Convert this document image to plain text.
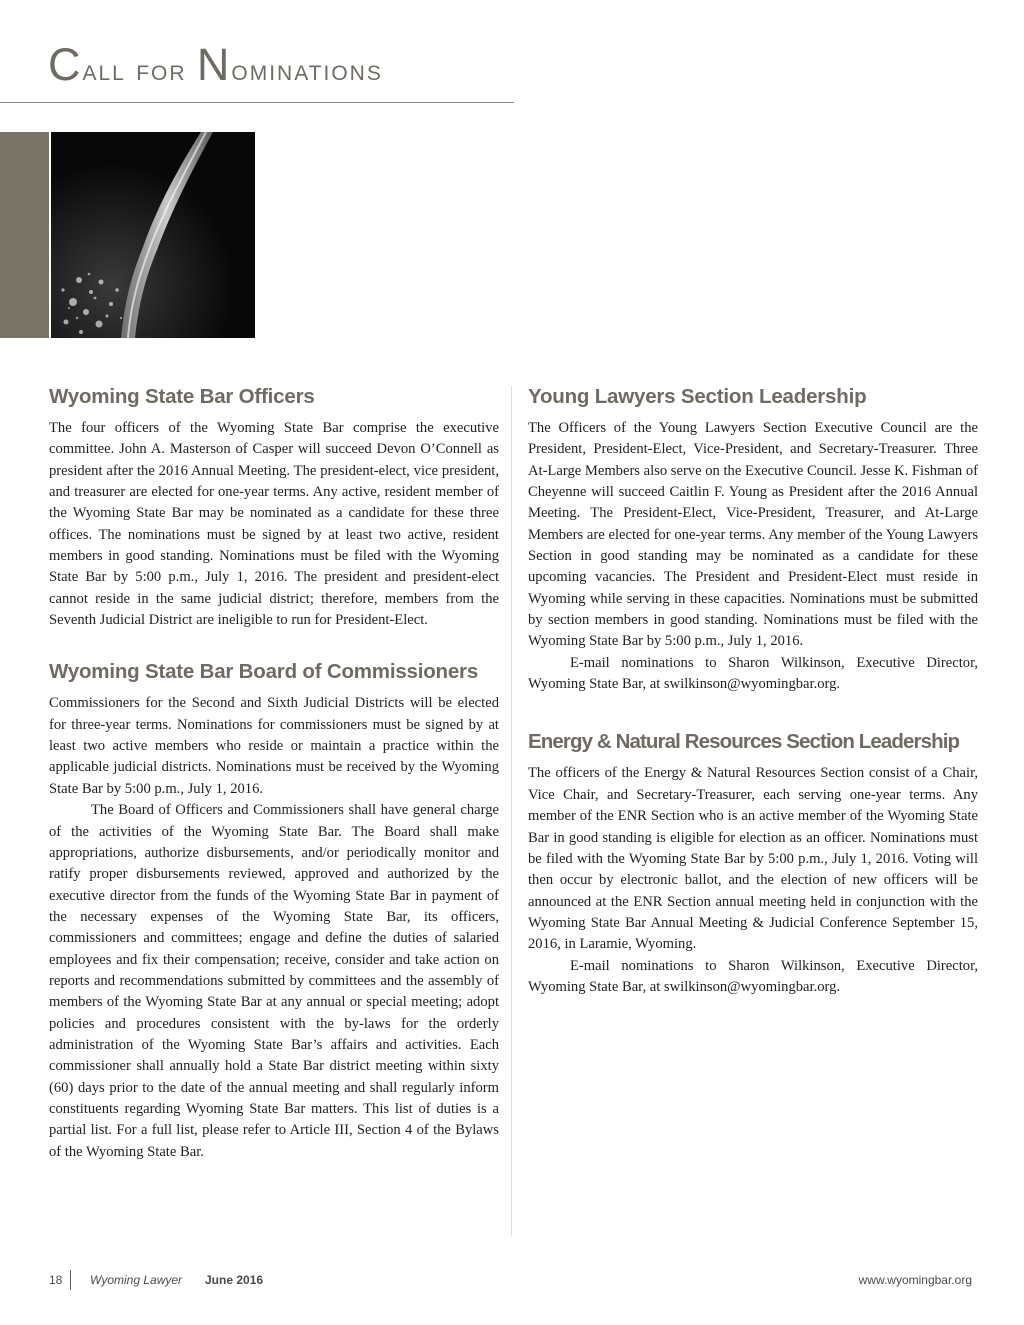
Call for Nominations
Wyoming State Bar Officers

The four officers of the Wyoming State Bar comprise the executive committee. John A. Masterson of Casper will succeed Devon O’Connell as president after the 2016 Annual Meeting. The president-elect, vice president, and treasurer are elected for one-year terms. Any active, resident member of the Wyoming State Bar may be nominated as a candidate for these three offices. The nominations must be signed by at least two active, resident members in good standing. Nominations must be filed with the Wyoming State Bar by 5:00 p.m., July 1, 2016. The president and president-elect cannot reside in the same judicial district; therefore, members from the Seventh Judicial District are ineligible to run for President-Elect.

Wyoming State Bar Board of Commissioners

Commissioners for the Second and Sixth Judicial Districts will be elected for three-year terms. Nominations for commissioners must be signed by at least two active members who reside or maintain a practice within the applicable judicial districts. Nominations must be received by the Wyoming State Bar by 5:00 p.m., July 1, 2016.

The Board of Officers and Commissioners shall have general charge of the activities of the Wyoming State Bar. The Board shall make appropriations, authorize disbursements, and/or periodically monitor and ratify proper disbursements reviewed, approved and authorized by the executive director from the funds of the Wyoming State Bar in payment of the necessary expenses of the Wyoming State Bar, its officers, commissioners and committees; engage and define the duties of salaried employees and fix their compensation; receive, consider and take action on reports and recommendations submitted by committees and the assembly of members of the Wyoming State Bar at any annual or special meeting; adopt policies and procedures consistent with the by-laws for the orderly administration of the Wyoming State Bar’s affairs and activities. Each commissioner shall annually hold a State Bar district meeting within sixty (60) days prior to the date of the annual meeting and shall regularly inform constituents regarding Wyoming State Bar matters. This list of duties is a partial list. For a full list, please refer to Article III, Section 4 of the Bylaws of the Wyoming State Bar.

Young Lawyers Section Leadership

The Officers of the Young Lawyers Section Executive Council are the President, President-Elect, Vice-President, and Secretary-Treasurer. Three At-Large Members also serve on the Executive Council. Jesse K. Fishman of Cheyenne will succeed Caitlin F. Young as President after the 2016 Annual Meeting. The President-Elect, Vice-President, Treasurer, and At-Large Members are elected for one-year terms. Any member of the Young Lawyers Section in good standing may be nominated as a candidate for these upcoming vacancies. The President and President-Elect must reside in Wyoming while serving in these capacities. Nominations must be submitted by section members in good standing. Nominations must be filed with the Wyoming State Bar by 5:00 p.m., July 1, 2016.

E-mail nominations to Sharon Wilkinson, Executive Director, Wyoming State Bar, at swilkinson@wyomingbar.org.

Energy & Natural Resources Section Leadership

The officers of the Energy & Natural Resources Section consist of a Chair, Vice Chair, and Secretary-Treasurer, each serving one-year terms. Any member of the ENR Section who is an active member of the Wyoming State Bar in good standing is eligible for election as an officer. Nominations must be filed with the Wyoming State Bar by 5:00 p.m., July 1, 2016. Voting will then occur by electronic ballot, and the election of new officers will be announced at the ENR Section annual meeting held in conjunction with the Wyoming State Bar Annual Meeting & Judicial Conference September 15, 2016, in Laramie, Wyoming.

E-mail nominations to Sharon Wilkinson, Executive Director, Wyoming State Bar, at swilkinson@wyomingbar.org.

18 Wyoming Lawyer June 2016	www.wyomingbar.org
